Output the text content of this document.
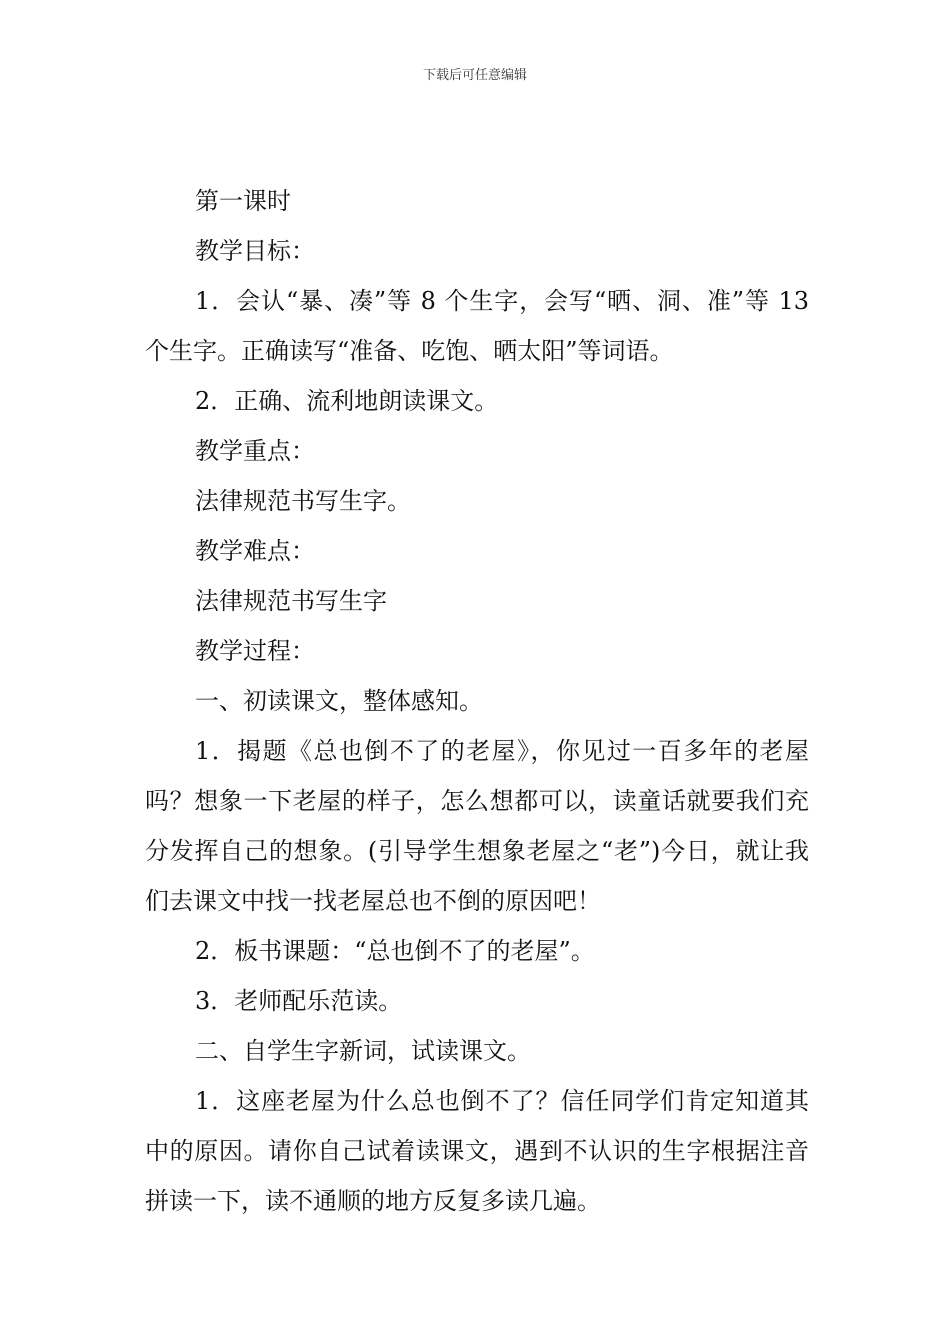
下载后可任意编辑

第一课时

教学目标：

1．会认“暴、凑”等 8 个生字，会写“晒、洞、准”等 13 个生字。正确读写“准备、吃饱、晒太阳”等词语。

2．正确、流利地朗读课文。

教学重点：

法律规范书写生字。

教学难点：

法律规范书写生字

教学过程：

一、初读课文，整体感知。

1．揭题《总也倒不了的老屋》，你见过一百多年的老屋吗？想象一下老屋的样子，怎么想都可以，读童话就要我们充分发挥自己的想象。(引导学生想象老屋之“老”)今日，就让我们去课文中找一找老屋总也不倒的原因吧！

2．板书课题：“总也倒不了的老屋”。

3．老师配乐范读。

二、自学生字新词，试读课文。

1．这座老屋为什么总也倒不了？信任同学们肯定知道其中的原因。请你自己试着读课文，遇到不认识的生字根据注音拼读一下，读不通顺的地方反复多读几遍。
